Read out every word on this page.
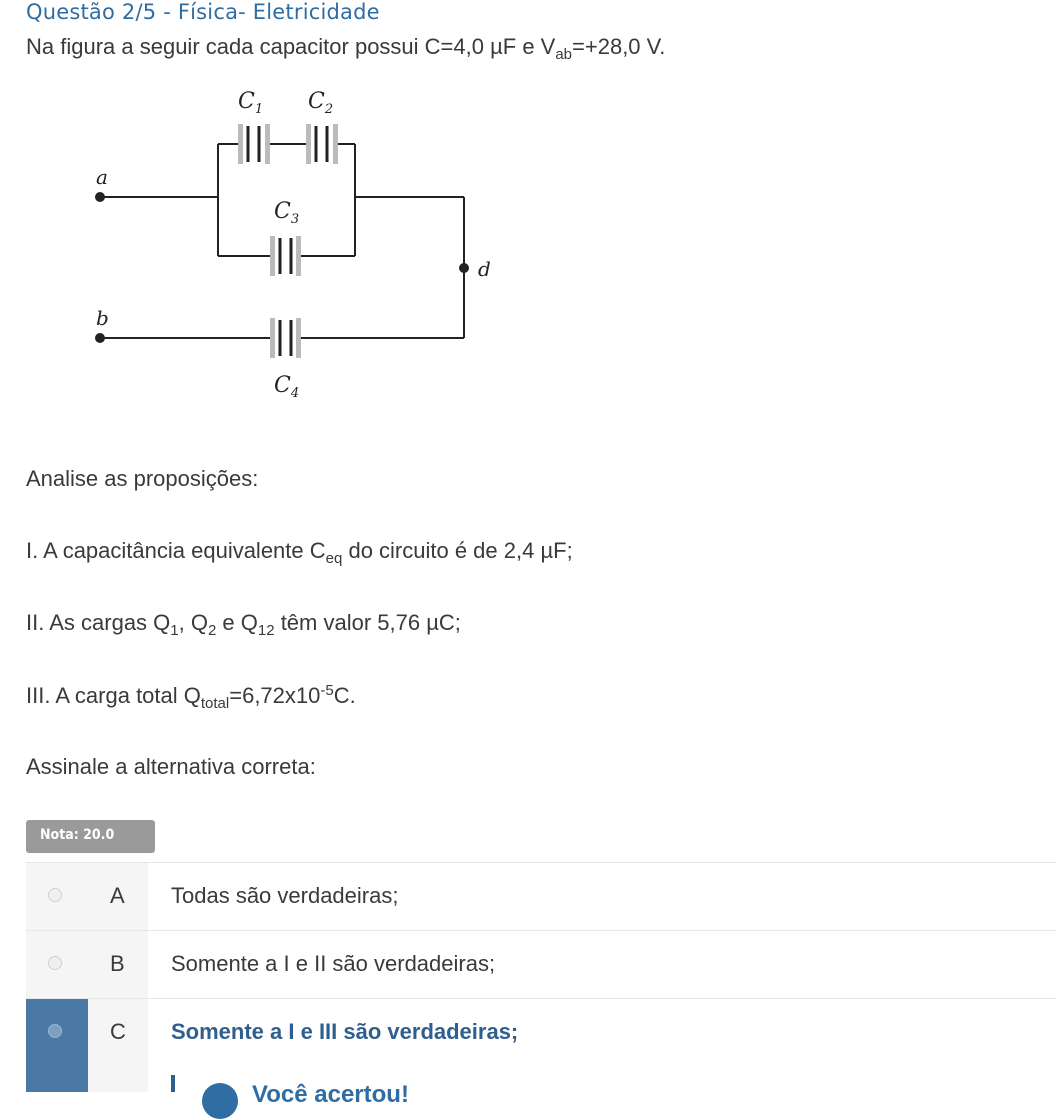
Questão 2/5 - Física- Eletricidade

Na figura a seguir cada capacitor possui C=4,0 µF e $V_{ab}=+28,0$ V.

$C_1$ $C_2$
$C_3$
$C_4$
a
b
d

Analise as proposições:

I. A capacitância equivalente $C_{eq}$ do circuito é de 2,4 µF;

II. As cargas $Q_1$, $Q_2$ e $Q_{12}$ têm valor 5,76 µC;

III. A carga total $Q_{total}=6,72x10^{-5}C$.

Assinale a alternativa correta:

Nota: 20.0
A Todas são verdadeiras;
B Somente a I e II são verdadeiras;
C Somente a I e III são verdadeiras;
Você acertou!
